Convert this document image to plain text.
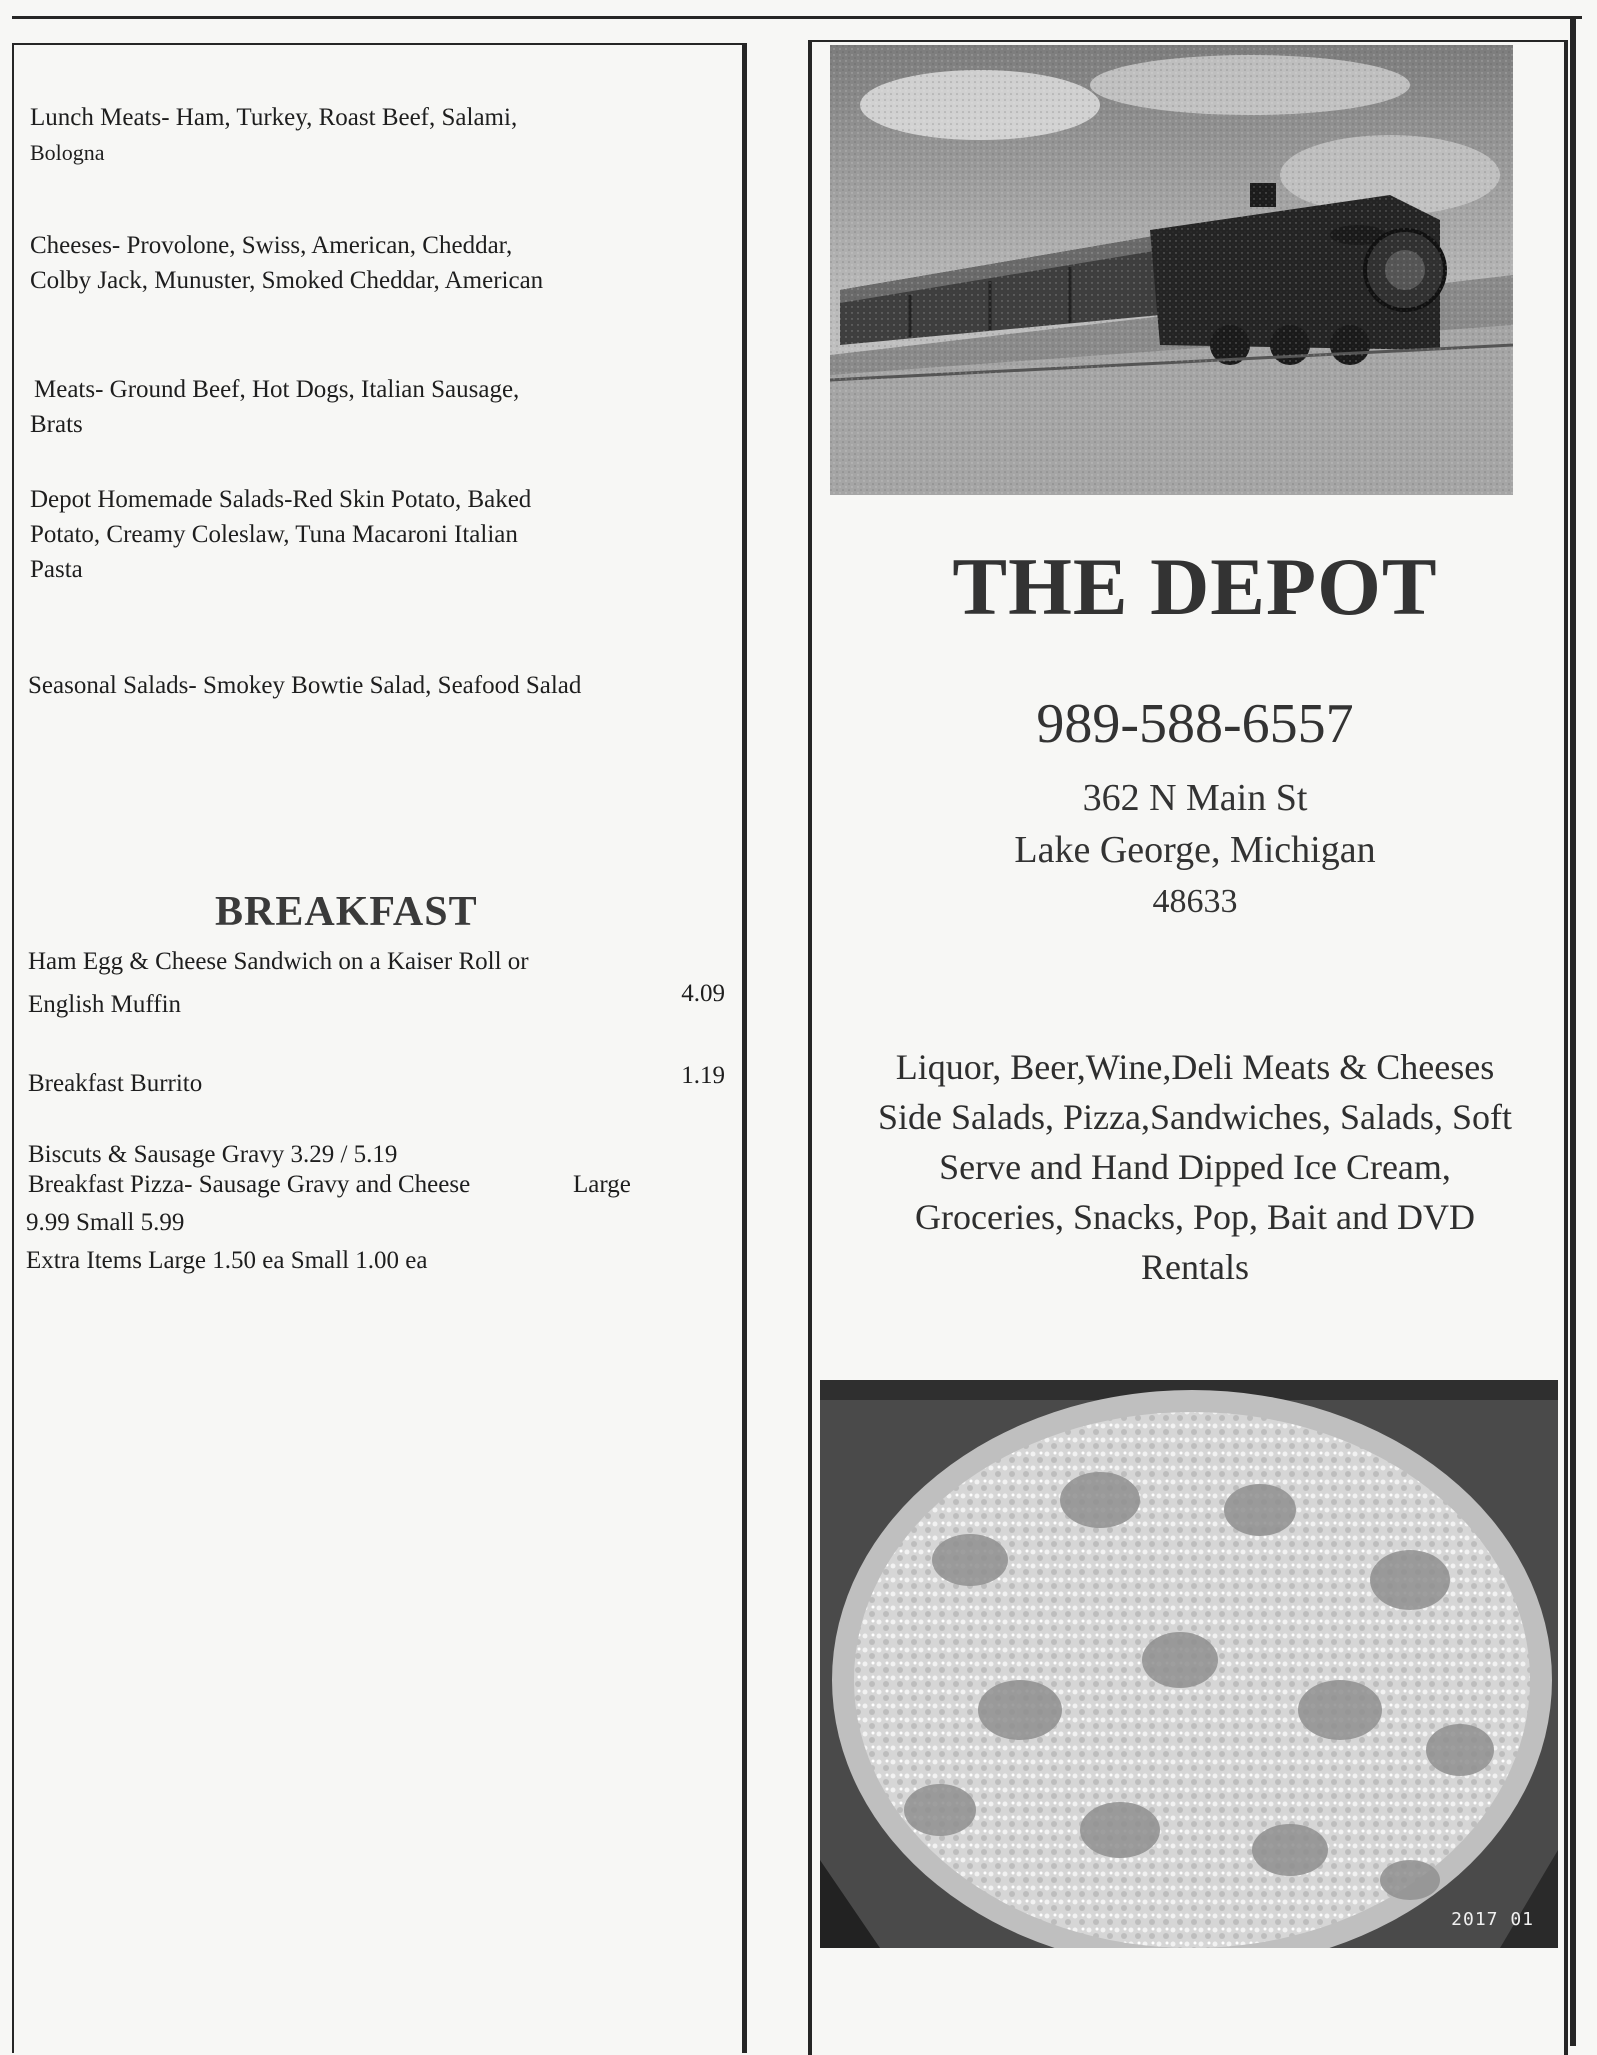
Lunch Meats- Ham, Turkey, Roast Beef, Salami,
Bologna
Cheeses- Provolone, Swiss, American, Cheddar,
Colby Jack, Munuster, Smoked Cheddar, American
Meats- Ground Beef, Hot Dogs, Italian Sausage,
Brats
Depot Homemade Salads-Red Skin Potato, Baked
Potato, Creamy Coleslaw, Tuna Macaroni Italian
Pasta
Seasonal Salads- Smokey Bowtie Salad, Seafood Salad
BREAKFAST
Ham Egg & Cheese Sandwich on a Kaiser Roll or
English Muffin	4.09
Breakfast Burrito	1.19
Biscuts & Sausage Gravy 3.29 / 5.19
Breakfast Pizza- Sausage Gravy and Cheese	Large
9.99 Small 5.99
Extra Items Large 1.50 ea Small 1.00 ea
THE DEPOT
989-588-6557
362 N Main St
Lake George, Michigan
48633
Liquor, Beer,Wine,Deli Meats & Cheeses
Side Salads, Pizza,Sandwiches, Salads, Soft
Serve and Hand Dipped Ice Cream,
Groceries, Snacks, Pop, Bait and DVD
Rentals
2017 01
